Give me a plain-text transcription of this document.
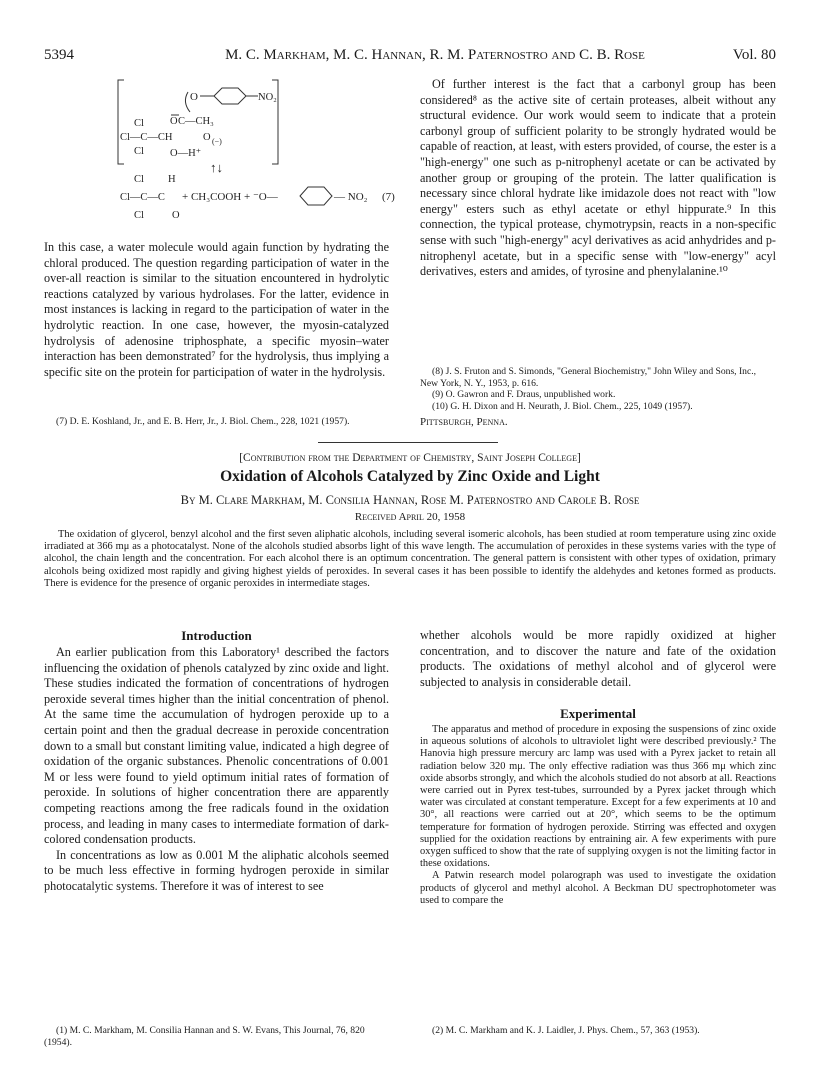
5394	M. C. Markham, M. C. Hannan, R. M. Paternostro and C. B. Rose	Vol. 80
O	NO₂
Cl O C—CH₃
Cl—C—CH	O (−)
Cl O—H⁺
Cl H
↑↓
Cl—C—C
Cl	O
+ CH₃COOH + ⁻O—	— NO₂ (7)

In this case, a water molecule would again function by hydrating the chloral produced. The question regarding participation of water in the over-all reaction is similar to the situation encountered in hydrolytic reactions catalyzed by various hydrolases. For the latter, evidence in most instances is lacking in regard to the participation of water in the hydrolytic reaction. In one case, however, the myosin-catalyzed hydrolysis of adenosine triphosphate, a specific myosin–water interaction has been demonstrated⁷ for the hydrolysis, thus implying a specific site on the protein for participation of water in the hydrolysis.

(7) D. E. Koshland, Jr., and E. B. Herr, Jr., J. Biol. Chem., 228, 1021 (1957).

Of further interest is the fact that a carbonyl group has been considered⁸ as the active site of certain proteases, albeit without any structural evidence. Our work would seem to indicate that a protein carbonyl group of sufficient polarity to be strongly hydrated would be capable of reaction, at least, with esters provided, of course, the ester is a "high-energy" one such as p-nitrophenyl acetate or can be activated by another group or grouping of the protein. The latter qualification is necessary since chloral hydrate like imidazole does not react with "low energy" esters such as ethyl acetate or ethyl hippurate.⁹ In this connection, the typical protease, chymotrypsin, reacts in a non-specific sense with such "high-energy" acyl derivatives as acid anhydrides and p-nitrophenyl acetate, but in a specific sense with "low-energy" acyl derivatives, esters and amides, of tyrosine and phenylalanine.¹⁰

(8) J. S. Fruton and S. Simonds, "General Biochemistry," John Wiley and Sons, Inc., New York, N. Y., 1953, p. 616.

(9) O. Gawron and F. Draus, unpublished work.

(10) G. H. Dixon and H. Neurath, J. Biol. Chem., 225, 1049 (1957).

Pittsburgh, Penna.
[Contribution from the Department of Chemistry, Saint Joseph College]
Oxidation of Alcohols Catalyzed by Zinc Oxide and Light
By M. Clare Markham, M. Consilia Hannan, Rose M. Paternostro and Carole B. Rose
Received April 20, 1958

The oxidation of glycerol, benzyl alcohol and the first seven aliphatic alcohols, including several isomeric alcohols, has been studied at room temperature using zinc oxide irradiated at 366 mμ as a photocatalyst. None of the alcohols studied absorbs light of this wave length. The accumulation of peroxides in these systems varies with the type of alcohol, the chain length and the concentration. For each alcohol there is an optimum concentration. The general pattern is consistent with other types of oxidation, primary alcohols being oxidized most rapidly and giving highest yields of peroxides. In several cases it has been possible to identify the aldehydes and ketones formed as products. There is evidence for the presence of organic peroxides in intermediate stages.

Introduction

An earlier publication from this Laboratory¹ described the factors influencing the oxidation of phenols catalyzed by zinc oxide and light. These studies indicated the formation of concentrations of hydrogen peroxide several times higher than the initial concentration of phenol. At the same time the accumulation of hydrogen peroxide up to a certain point and then the gradual decrease in peroxide concentration down to a small but constant limiting value, indicated a high degree of oxidation of the organic substances. Phenolic concentrations of 0.001 M or less were found to yield optimum initial rates of formation of peroxide. In solutions of higher concentration there are apparently competing reactions among the free radicals found in the oxidation process, and leading in many cases to intermediate formation of dark-colored condensation products.

In concentrations as low as 0.001 M the aliphatic alcohols seemed to be much less effective in forming hydrogen peroxide in similar photocatalytic systems. Therefore it was of interest to see

(1) M. C. Markham, M. Consilia Hannan and S. W. Evans, This Journal, 76, 820 (1954).

whether alcohols would be more rapidly oxidized at higher concentration, and to discover the nature and fate of the oxidation products. The oxidations of methyl alcohol and of glycerol were subjected to analysis in considerable detail.

Experimental

The apparatus and method of procedure in exposing the suspensions of zinc oxide in aqueous solutions of alcohols to ultraviolet light were described previously.² The Hanovia high pressure mercury arc lamp was used with a Pyrex jacket to retain all radiation below 320 mμ. The only effective radiation was thus 366 mμ which zinc oxide absorbs strongly, and which the alcohols studied do not absorb at all. Reactions were carried out in Pyrex test-tubes, surrounded by a Pyrex jacket through which water was circulated at constant temperature. Except for a few experiments at 10 and 30°, all reactions were carried out at 20°, which seems to be the optimum temperature for formation of hydrogen peroxide. Stirring was effected and oxygen supplied for the oxidation reactions by entraining air. A few experiments with pure oxygen sufficed to show that the rate of supplying oxygen is not the limiting factor in these oxidations.

A Patwin research model polarograph was used to investigate the oxidation products of glycerol and methyl alcohol. A Beckman DU spectrophotometer was used to compare the

(2) M. C. Markham and K. J. Laidler, J. Phys. Chem., 57, 363 (1953).
